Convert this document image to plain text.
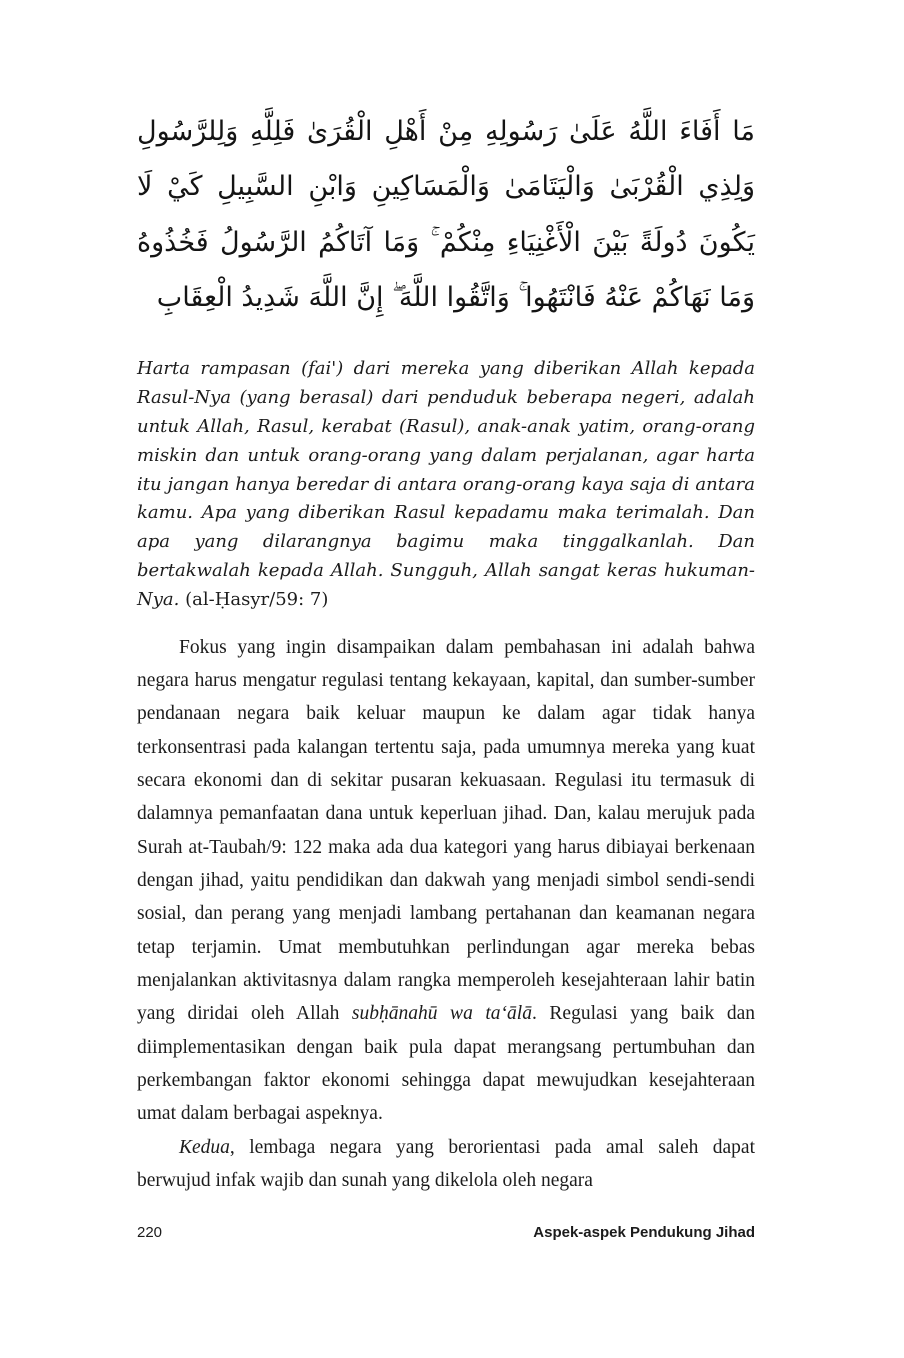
مَا أَفَاءَ اللَّهُ عَلَىٰ رَسُولِهِ مِنْ أَهْلِ الْقُرَىٰ فَلِلَّهِ وَلِلرَّسُولِ وَلِذِي الْقُرْبَىٰ وَالْيَتَامَىٰ وَالْمَسَاكِينِ وَابْنِ السَّبِيلِ كَيْ لَا يَكُونَ دُولَةً بَيْنَ الْأَغْنِيَاءِ مِنْكُمْ ۚ وَمَا آتَاكُمُ الرَّسُولُ فَخُذُوهُ وَمَا نَهَاكُمْ عَنْهُ فَانْتَهُوا ۚ وَاتَّقُوا اللَّهَ ۖ إِنَّ اللَّهَ شَدِيدُ الْعِقَابِ

Harta rampasan (fai') dari mereka yang diberikan Allah kepada Rasul-Nya (yang berasal) dari penduduk beberapa negeri, adalah untuk Allah, Rasul, kerabat (Rasul), anak-anak yatim, orang-orang miskin dan untuk orang-orang yang dalam perjalanan, agar harta itu jangan hanya beredar di antara orang-orang kaya saja di antara kamu. Apa yang diberikan Rasul kepadamu maka terimalah. Dan apa yang dilarangnya bagimu maka tinggalkanlah. Dan bertakwalah kepada Allah. Sungguh, Allah sangat keras hukuman-Nya. (al-Ḥasyr/59: 7)

Fokus yang ingin disampaikan dalam pembahasan ini adalah bahwa negara harus mengatur regulasi tentang kekayaan, kapital, dan sumber-sumber pendanaan negara baik keluar maupun ke dalam agar tidak hanya terkonsentrasi pada kalangan tertentu saja, pada umumnya mereka yang kuat secara ekonomi dan di sekitar pusaran kekuasaan. Regulasi itu termasuk di dalamnya pemanfaatan dana untuk keperluan jihad. Dan, kalau merujuk pada Surah at-Taubah/9: 122 maka ada dua kategori yang harus dibiayai berkenaan dengan jihad, yaitu pendidikan dan dakwah yang menjadi simbol sendi-sendi sosial, dan perang yang menjadi lambang pertahanan dan keamanan negara tetap terjamin. Umat membutuhkan perlindungan agar mereka bebas menjalankan aktivitasnya dalam rangka memperoleh kesejahteraan lahir batin yang diridai oleh Allah subḥānahū wa ta‘ālā. Regulasi yang baik dan diimplementasikan dengan baik pula dapat merangsang pertumbuhan dan perkembangan faktor ekonomi sehingga dapat mewujudkan kesejahteraan umat dalam berbagai aspeknya.

Kedua, lembaga negara yang berorientasi pada amal saleh dapat berwujud infak wajib dan sunah yang dikelola oleh negara

220	Aspek-aspek Pendukung Jihad
